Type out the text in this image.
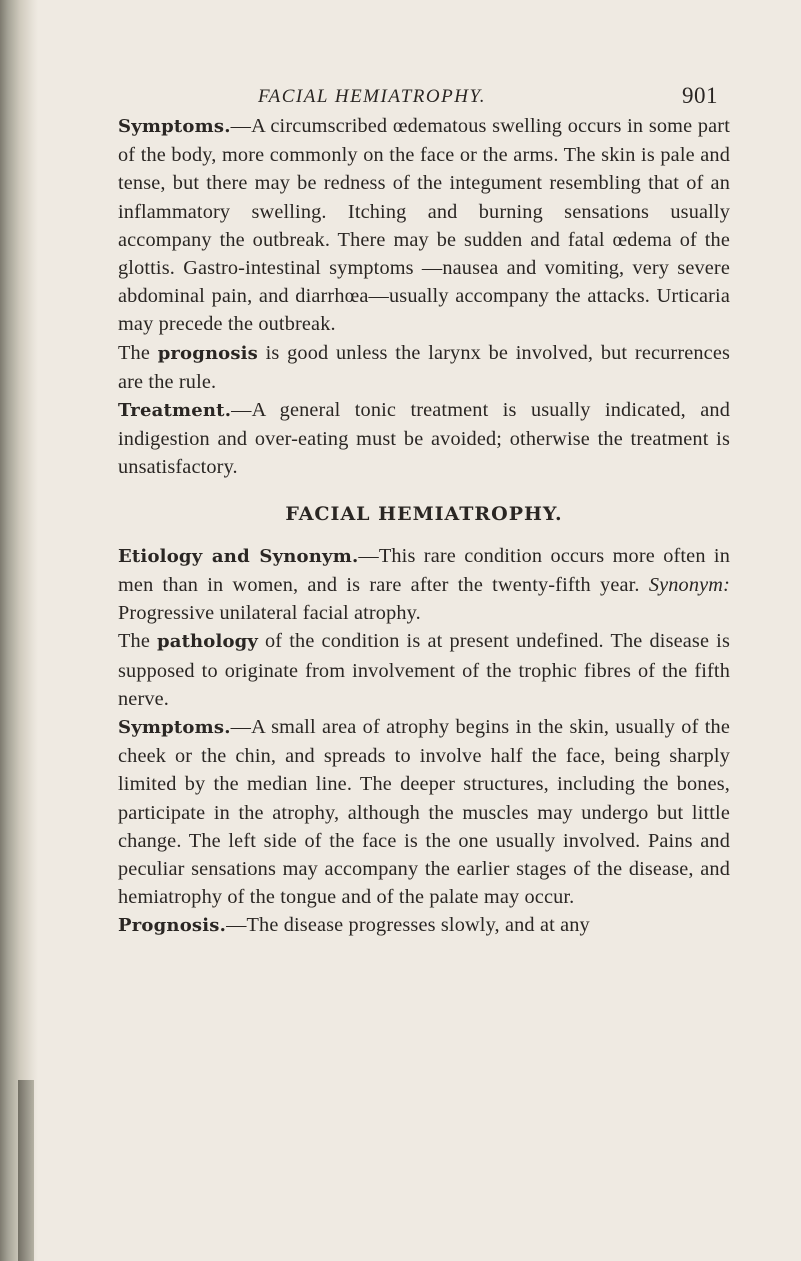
FACIAL HEMIATROPHY.	901

Symptoms.—A circumscribed œdematous swelling occurs in some part of the body, more commonly on the face or the arms. The skin is pale and tense, but there may be redness of the integument resembling that of an inflammatory swelling. Itching and burning sensations usually accompany the outbreak. There may be sudden and fatal œdema of the glottis. Gastro-intestinal symptoms —nausea and vomiting, very severe abdominal pain, and diarrhœa—usually accompany the attacks. Urticaria may precede the outbreak.

The prognosis is good unless the larynx be involved, but recurrences are the rule.

Treatment.—A general tonic treatment is usually indicated, and indigestion and over-eating must be avoided; otherwise the treatment is unsatisfactory.

FACIAL HEMIATROPHY.

Etiology and Synonym.—This rare condition occurs more often in men than in women, and is rare after the twenty-fifth year. Synonym: Progressive unilateral facial atrophy.

The pathology of the condition is at present undefined. The disease is supposed to originate from involvement of the trophic fibres of the fifth nerve.

Symptoms.—A small area of atrophy begins in the skin, usually of the cheek or the chin, and spreads to involve half the face, being sharply limited by the median line. The deeper structures, including the bones, participate in the atrophy, although the muscles may undergo but little change. The left side of the face is the one usually involved. Pains and peculiar sensations may accompany the earlier stages of the disease, and hemiatrophy of the tongue and of the palate may occur.

Prognosis.—The disease progresses slowly, and at any
